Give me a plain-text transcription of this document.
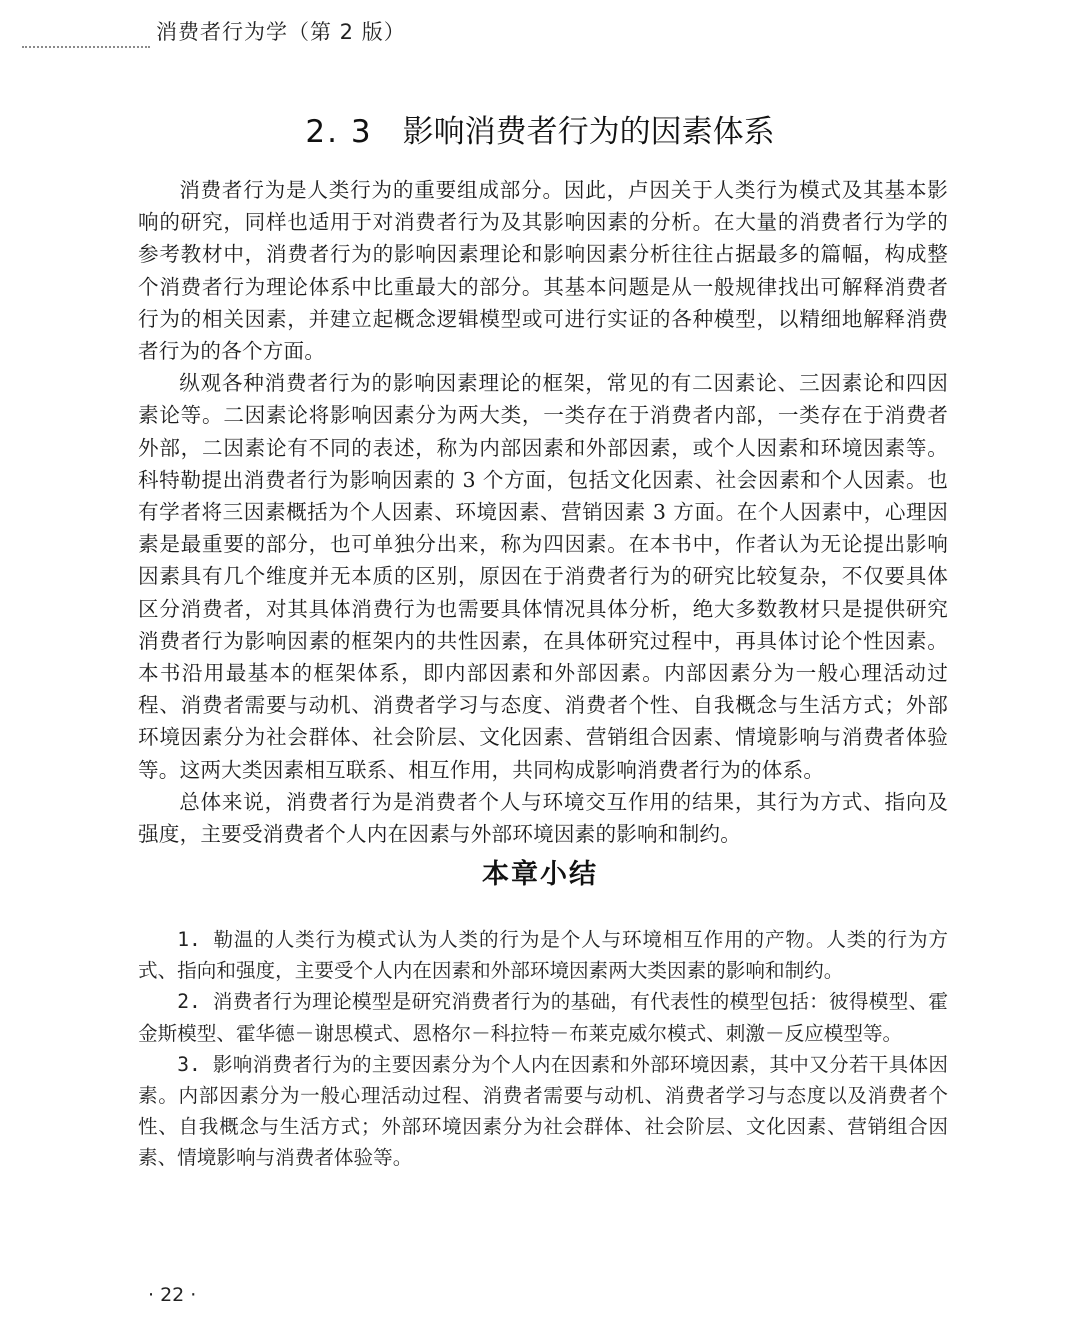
消费者行为学（第 2 版）
2. 3 影响消费者行为的因素体系

消费者行为是人类行为的重要组成部分。因此，卢因关于人类行为模式及其基本影响的研究，同样也适用于对消费者行为及其影响因素的分析。在大量的消费者行为学的参考教材中，消费者行为的影响因素理论和影响因素分析往往占据最多的篇幅，构成整个消费者行为理论体系中比重最大的部分。其基本问题是从一般规律找出可解释消费者行为的相关因素，并建立起概念逻辑模型或可进行实证的各种模型，以精细地解释消费者行为的各个方面。

纵观各种消费者行为的影响因素理论的框架，常见的有二因素论、三因素论和四因素论等。二因素论将影响因素分为两大类，一类存在于消费者内部，一类存在于消费者外部，二因素论有不同的表述，称为内部因素和外部因素，或个人因素和环境因素等。科特勒提出消费者行为影响因素的 3 个方面，包括文化因素、社会因素和个人因素。也有学者将三因素概括为个人因素、环境因素、营销因素 3 方面。在个人因素中，心理因素是最重要的部分，也可单独分出来，称为四因素。在本书中，作者认为无论提出影响因素具有几个维度并无本质的区别，原因在于消费者行为的研究比较复杂，不仅要具体区分消费者，对其具体消费行为也需要具体情况具体分析，绝大多数教材只是提供研究消费者行为影响因素的框架内的共性因素，在具体研究过程中，再具体讨论个性因素。本书沿用最基本的框架体系，即内部因素和外部因素。内部因素分为一般心理活动过程、消费者需要与动机、消费者学习与态度、消费者个性、自我概念与生活方式；外部环境因素分为社会群体、社会阶层、文化因素、营销组合因素、情境影响与消费者体验等。这两大类因素相互联系、相互作用，共同构成影响消费者行为的体系。

总体来说，消费者行为是消费者个人与环境交互作用的结果，其行为方式、指向及强度，主要受消费者个人内在因素与外部环境因素的影响和制约。

本章小结

1. 勒温的人类行为模式认为人类的行为是个人与环境相互作用的产物。人类的行为方式、指向和强度，主要受个人内在因素和外部环境因素两大类因素的影响和制约。

2. 消费者行为理论模型是研究消费者行为的基础，有代表性的模型包括：彼得模型、霍金斯模型、霍华德－谢思模式、恩格尔－科拉特－布莱克威尔模式、刺激－反应模型等。

3. 影响消费者行为的主要因素分为个人内在因素和外部环境因素，其中又分若干具体因素。内部因素分为一般心理活动过程、消费者需要与动机、消费者学习与态度以及消费者个性、自我概念与生活方式；外部环境因素分为社会群体、社会阶层、文化因素、营销组合因素、情境影响与消费者体验等。

· 22 ·
